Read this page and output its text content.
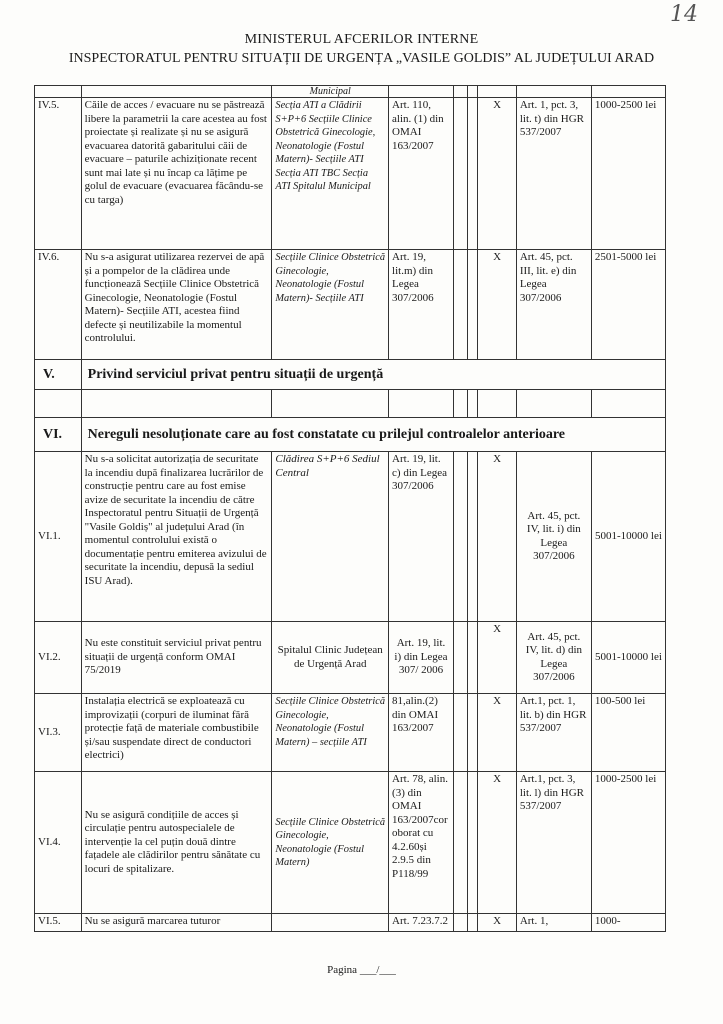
14
MINISTERUL AFCERILOR INTERNE
INSPECTORATUL PENTRU SITUAȚII DE URGENȚA „VASILE GOLDIS” AL JUDEȚULUI ARAD
		Municipal						
IV.5.	Căile de acces / evacuare nu se păstrează libere la parametrii la care acestea au fost proiectate și realizate și nu se asigură evacuarea datorită gabaritului căii de evacuare – paturile achiziționate recent sunt mai late și nu încap ca lățime pe golul de evacuare (evacuarea făcându-se cu targa)	Secția ATI a Clădirii S+P+6 Secțiile Clinice Obstetrică Ginecologie, Neonatologie (Fostul Matern)- Secțiile ATI Secția ATI TBC Secția ATI Spitalul Municipal	Art. 110, alin. (1) din OMAI 163/2007			X	Art. 1, pct. 3, lit. t) din HGR 537/2007	1000-2500 lei
IV.6.	Nu s-a asigurat utilizarea rezervei de apă și a pompelor de la clădirea unde funcționează Secțiile Clinice Obstetrică Ginecologie, Neonatologie (Fostul Matern)- Secțiile ATI, acestea fiind defecte și neutilizabile la momentul controlului.	Secțiile Clinice Obstetrică Ginecologie, Neonatologie (Fostul Matern)- Secțiile ATI	Art. 19, lit.m) din Legea 307/2006			X	Art. 45, pct. III, lit. e) din Legea 307/2006	2501-5000 lei
V.	Privind serviciul privat pentru situații de urgență							

VI.	Nereguli nesoluționate care au fost constatate cu prilejul controalelor anterioare							
VI.1.	Nu s-a solicitat autorizația de securitate la incendiu după finalizarea lucrărilor de construcție pentru care au fost emise avize de securitate la incendiu de către Inspectoratul pentru Situații de Urgență "Vasile Goldiș" al județului Arad (în momentul controlului există o documentație pentru emiterea avizului de securitate la incendiu, depusă la sediul ISU Arad).	Clădirea S+P+6 Sediul Central	Art. 19, lit. c) din Legea 307/2006			X	Art. 45, pct. IV, lit. i) din Legea 307/2006	5001-10000 lei
VI.2.	Nu este constituit serviciul privat pentru situații de urgență conform OMAI 75/2019	Spitalul Clinic Județean de Urgență Arad	Art. 19, lit. i) din Legea 307/ 2006			X	Art. 45, pct. IV, lit. d) din Legea 307/2006	5001-10000 lei
VI.3.	Instalația electrică se exploatează cu improvizații (corpuri de iluminat fără protecție față de materiale combustibile și/sau suspendate direct de conductori electrici)	Secțiile Clinice Obstetrică Ginecologie, Neonatologie (Fostul Matern) – secțiile ATI	81,alin.(2) din OMAI 163/2007			X	Art.1, pct. 1, lit. b) din HGR 537/2007	100-500 lei
VI.4.	Nu se asigură condițiile de acces și circulație pentru autospecialele de intervenție la cel puțin două dintre fațadele ale clădirilor pentru sănătate cu locuri de spitalizare.	Secțiile Clinice Obstetrică Ginecologie, Neonatologie (Fostul Matern)	Art. 78, alin. (3) din OMAI 163/2007cor oborat cu 4.2.60și 2.9.5 din P118/99			X	Art.1, pct. 3, lit. l) din HGR 537/2007	1000-2500 lei
VI.5.	Nu se asigură marcarea tuturor		Art. 7.23.7.2			X	Art. 1,	1000-
Pagina ___/___
